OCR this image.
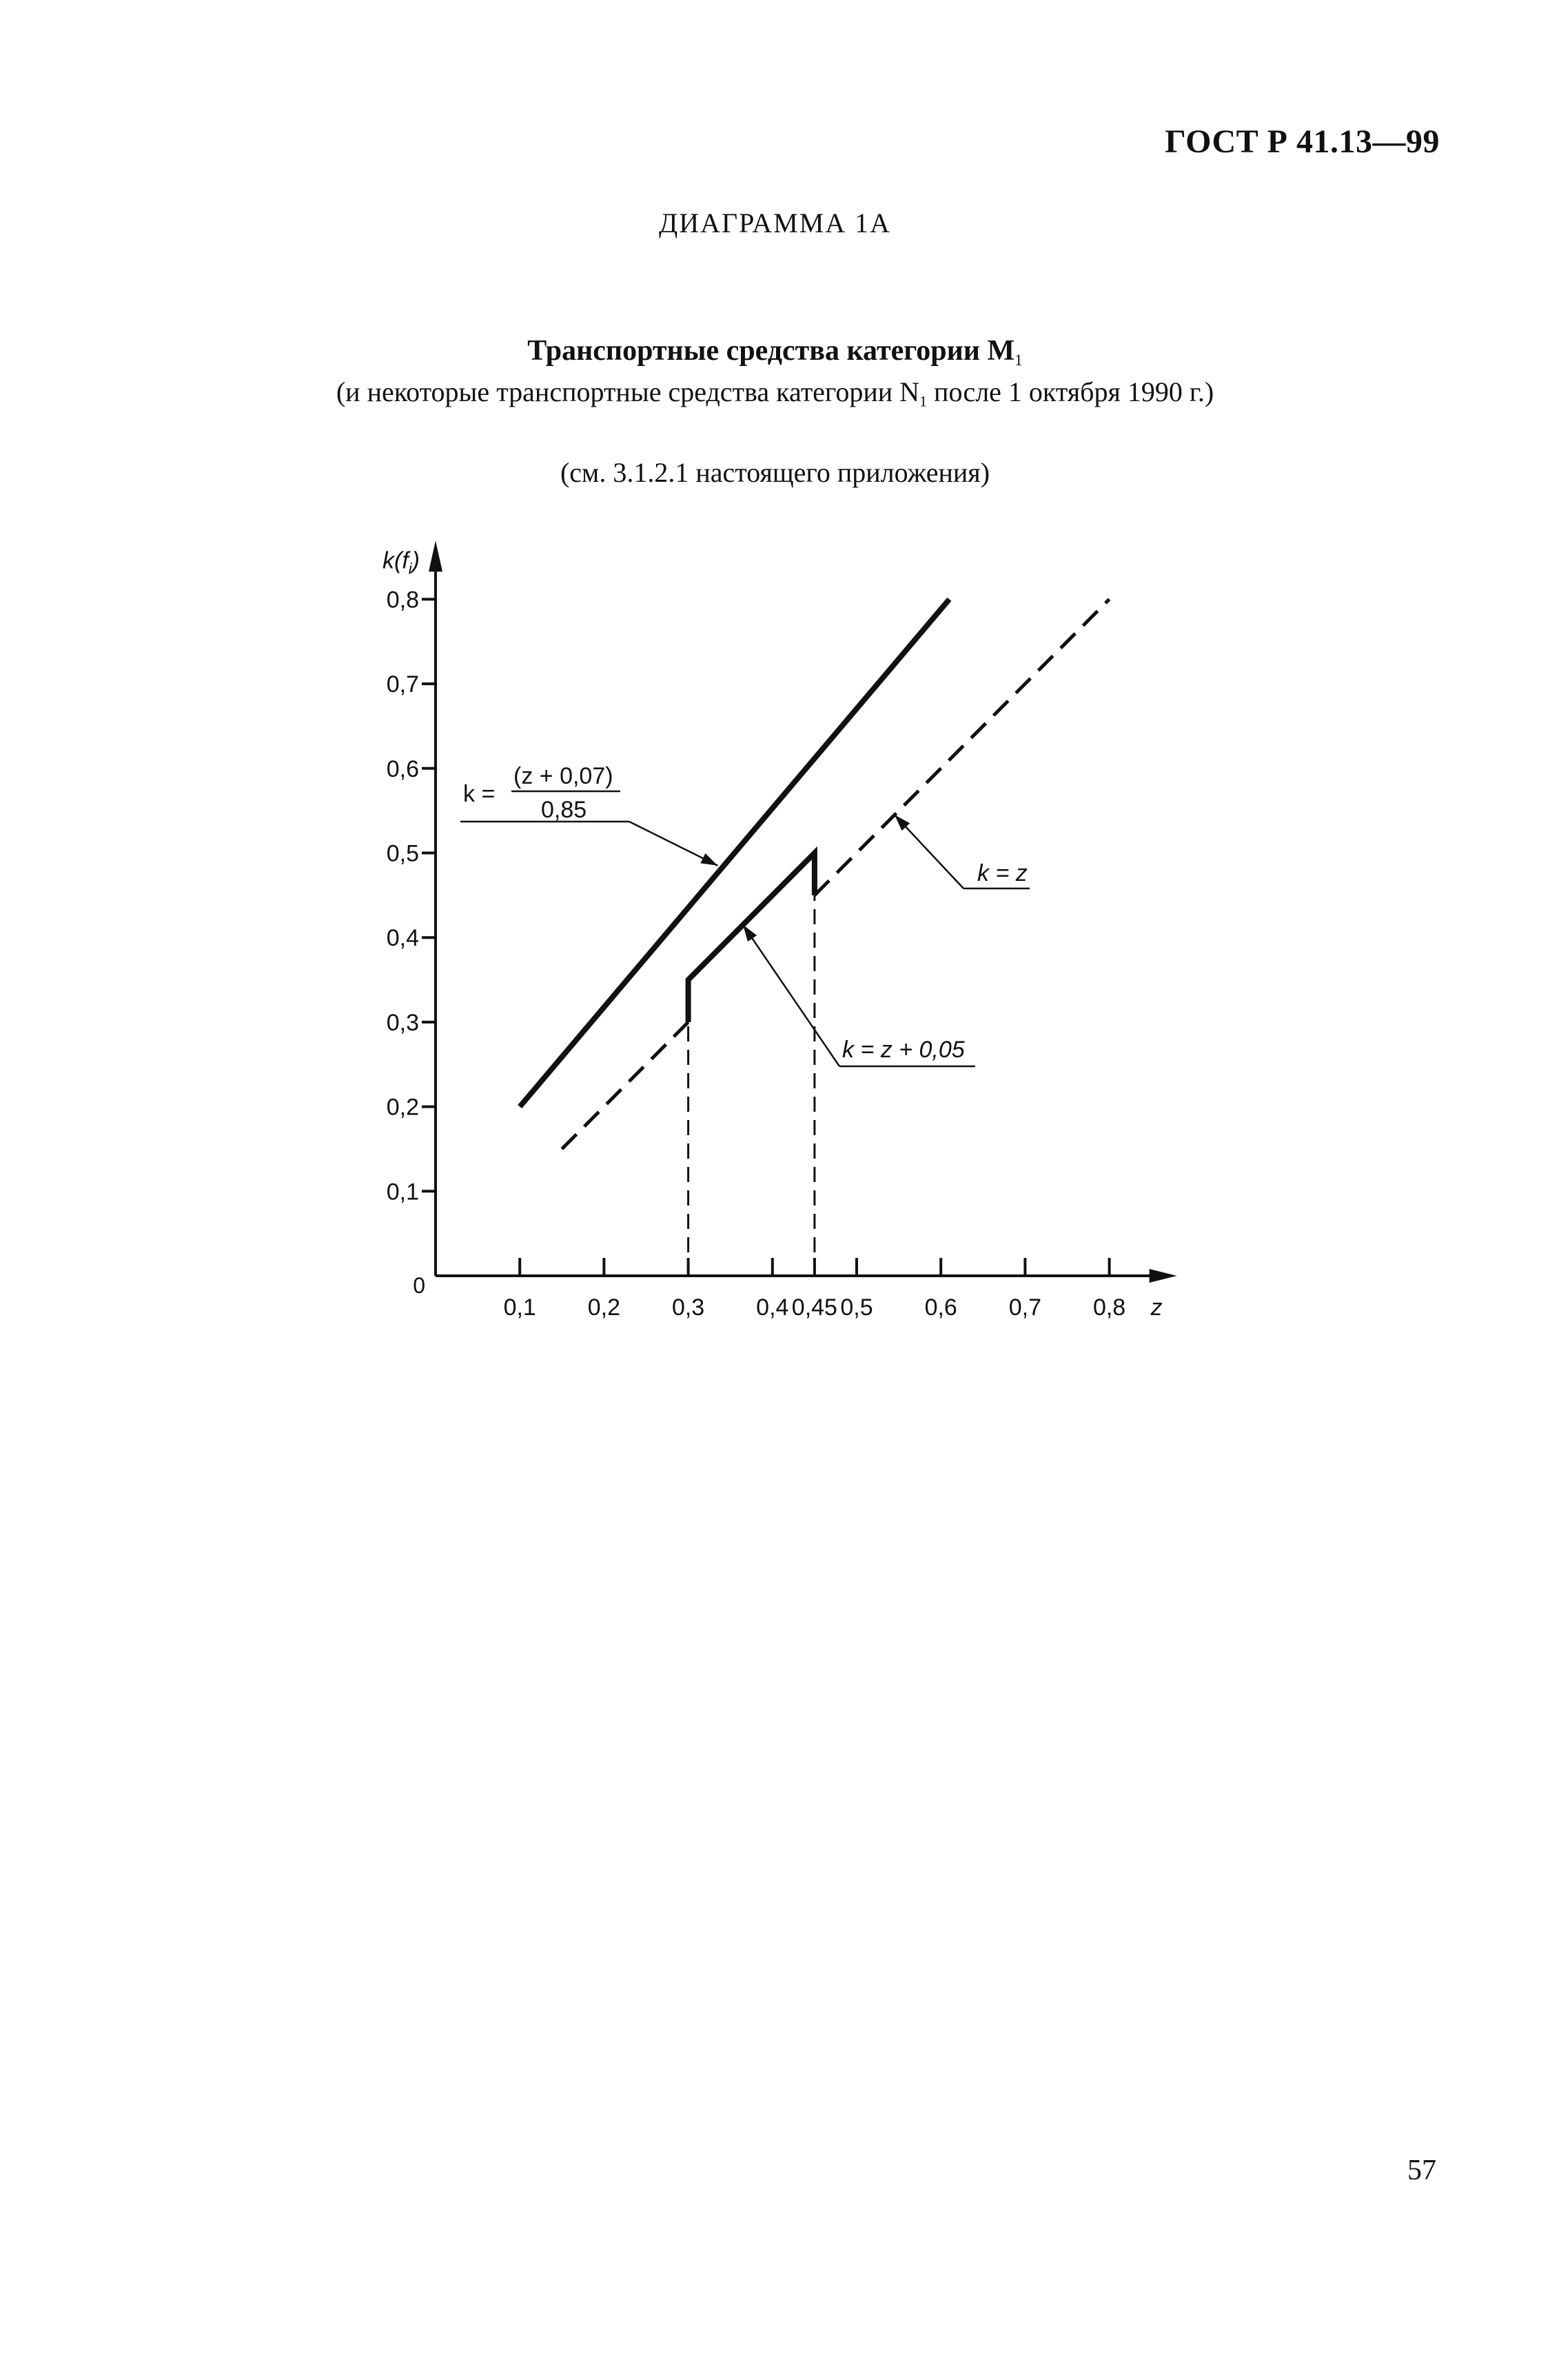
ГОСТ Р 41.13—99
ДИАГРАММА 1А
Транспортные средства категории $M_1$
(и некоторые транспортные средства категории $N_1$ после 1 октября 1990 г.)
(см. 3.1.2.1 настоящего приложения)
0
0,1
0,2
0,3
0,4
0,5
0,6
0,7
0,8
0,1 0,2 0,3 0,4 0,45 0,5 0,6 0,7 0,8 z
$k(f_i)$
k =
(z + 0,07)
0,85
k = z
k = z + 0,05
57
